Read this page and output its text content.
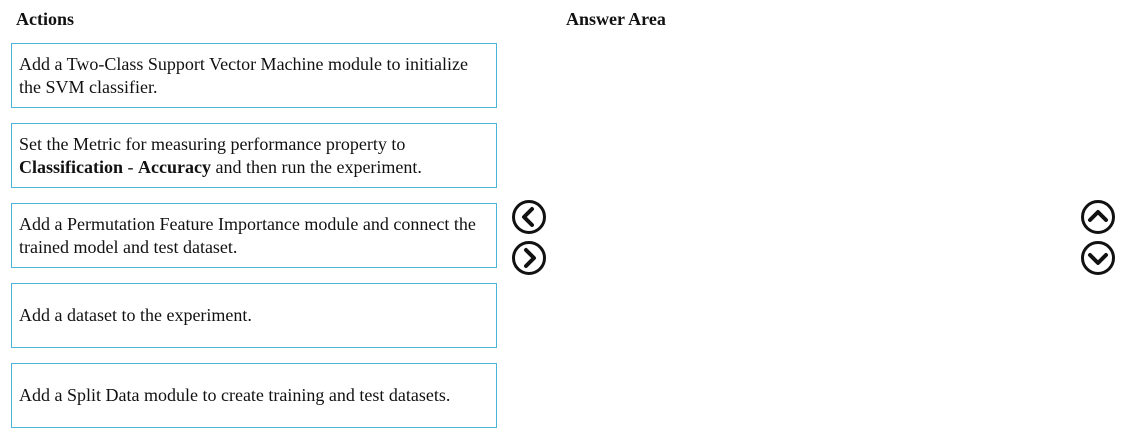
Actions	Answer Area
Add a Two-Class Support Vector Machine module to initialize the SVM classifier.
Set the Metric for measuring performance property to Classification - Accuracy and then run the experiment.
Add a Permutation Feature Importance module and connect the trained model and test dataset.
Add a dataset to the experiment.
Add a Split Data module to create training and test datasets.
